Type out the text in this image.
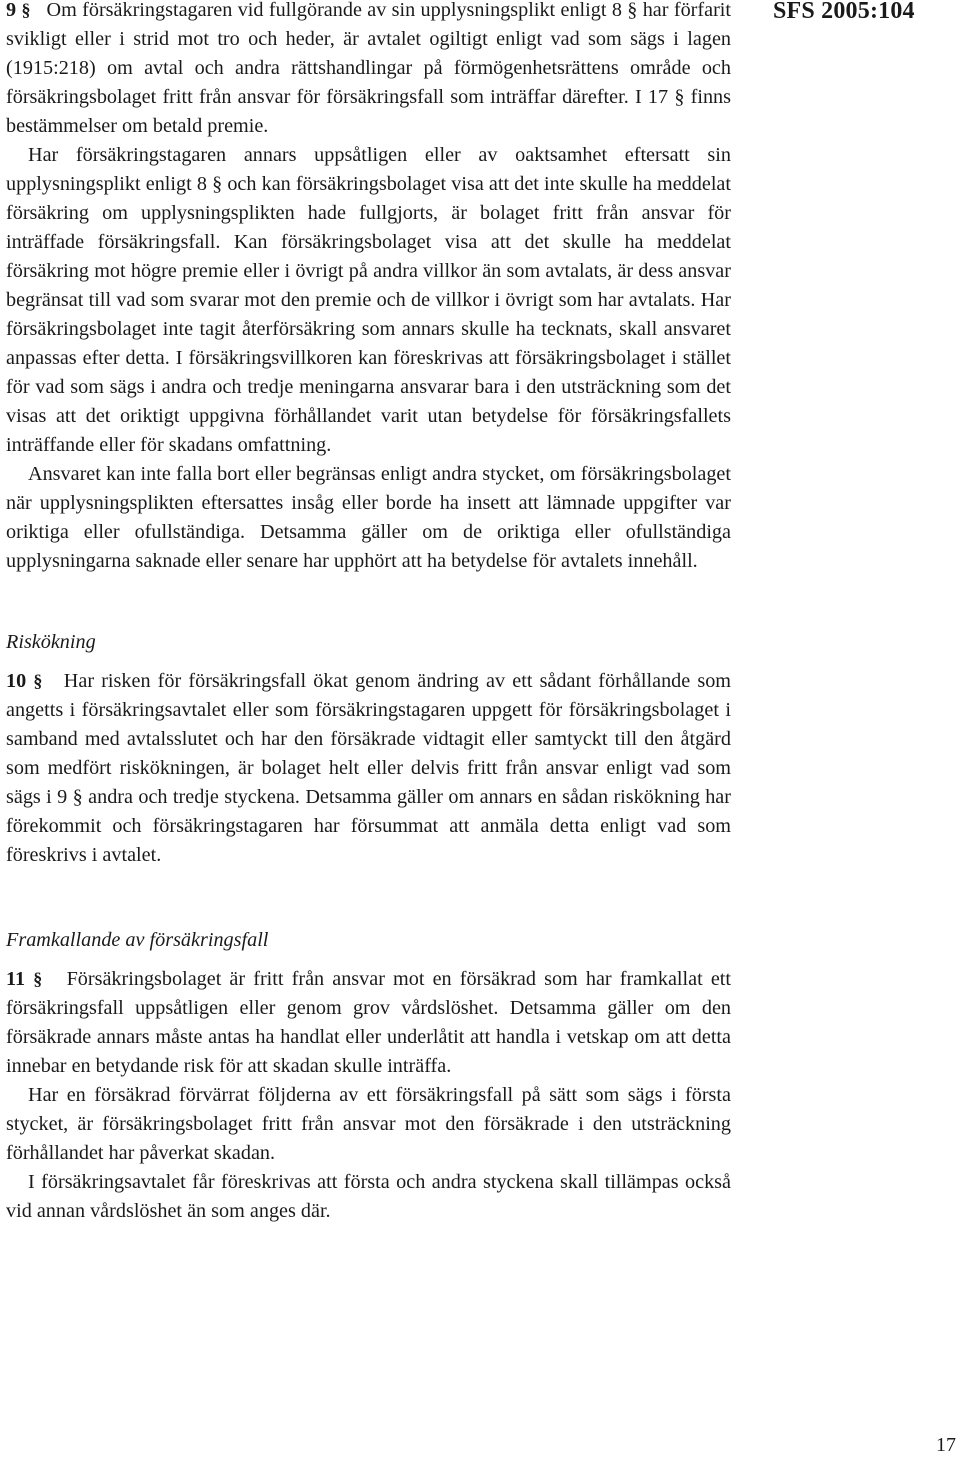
SFS 2005:104

9 § Om försäkringstagaren vid fullgörande av sin upplysningsplikt enligt 8 § har förfarit svikligt eller i strid mot tro och heder, är avtalet ogiltigt enligt vad som sägs i lagen (1915:218) om avtal och andra rättshandlingar på förmögenhetsrättens område och försäkringsbolaget fritt från ansvar för försäkringsfall som inträffar därefter. I 17 § finns bestämmelser om betald premie.

Har försäkringstagaren annars uppsåtligen eller av oaktsamhet eftersatt sin upplysningsplikt enligt 8 § och kan försäkringsbolaget visa att det inte skulle ha meddelat försäkring om upplysningsplikten hade fullgjorts, är bolaget fritt från ansvar för inträffade försäkringsfall. Kan försäkringsbolaget visa att det skulle ha meddelat försäkring mot högre premie eller i övrigt på andra villkor än som avtalats, är dess ansvar begränsat till vad som svarar mot den premie och de villkor i övrigt som har avtalats. Har försäkringsbolaget inte tagit återförsäkring som annars skulle ha tecknats, skall ansvaret anpassas efter detta. I försäkringsvillkoren kan föreskrivas att försäkringsbolaget i stället för vad som sägs i andra och tredje meningarna ansvarar bara i den utsträckning som det visas att det oriktigt uppgivna förhållandet varit utan betydelse för försäkringsfallets inträffande eller för skadans omfattning.

Ansvaret kan inte falla bort eller begränsas enligt andra stycket, om försäkringsbolaget när upplysningsplikten eftersattes insåg eller borde ha insett att lämnade uppgifter var oriktiga eller ofullständiga. Detsamma gäller om de oriktiga eller ofullständiga upplysningarna saknade eller senare har upphört att ha betydelse för avtalets innehåll.

Riskökning

10 § Har risken för försäkringsfall ökat genom ändring av ett sådant förhållande som angetts i försäkringsavtalet eller som försäkringstagaren uppgett för försäkringsbolaget i samband med avtalsslutet och har den försäkrade vidtagit eller samtyckt till den åtgärd som medfört riskökningen, är bolaget helt eller delvis fritt från ansvar enligt vad som sägs i 9 § andra och tredje styckena. Detsamma gäller om annars en sådan riskökning har förekommit och försäkringstagaren har försummat att anmäla detta enligt vad som föreskrivs i avtalet.

Framkallande av försäkringsfall

11 § Försäkringsbolaget är fritt från ansvar mot en försäkrad som har framkallat ett försäkringsfall uppsåtligen eller genom grov vårdslöshet. Detsamma gäller om den försäkrade annars måste antas ha handlat eller underlåtit att handla i vetskap om att detta innebar en betydande risk för att skadan skulle inträffa.

Har en försäkrad förvärrat följderna av ett försäkringsfall på sätt som sägs i första stycket, är försäkringsbolaget fritt från ansvar mot den försäkrade i den utsträckning förhållandet har påverkat skadan.

I försäkringsavtalet får föreskrivas att första och andra styckena skall tillämpas också vid annan vårdslöshet än som anges där.

17
